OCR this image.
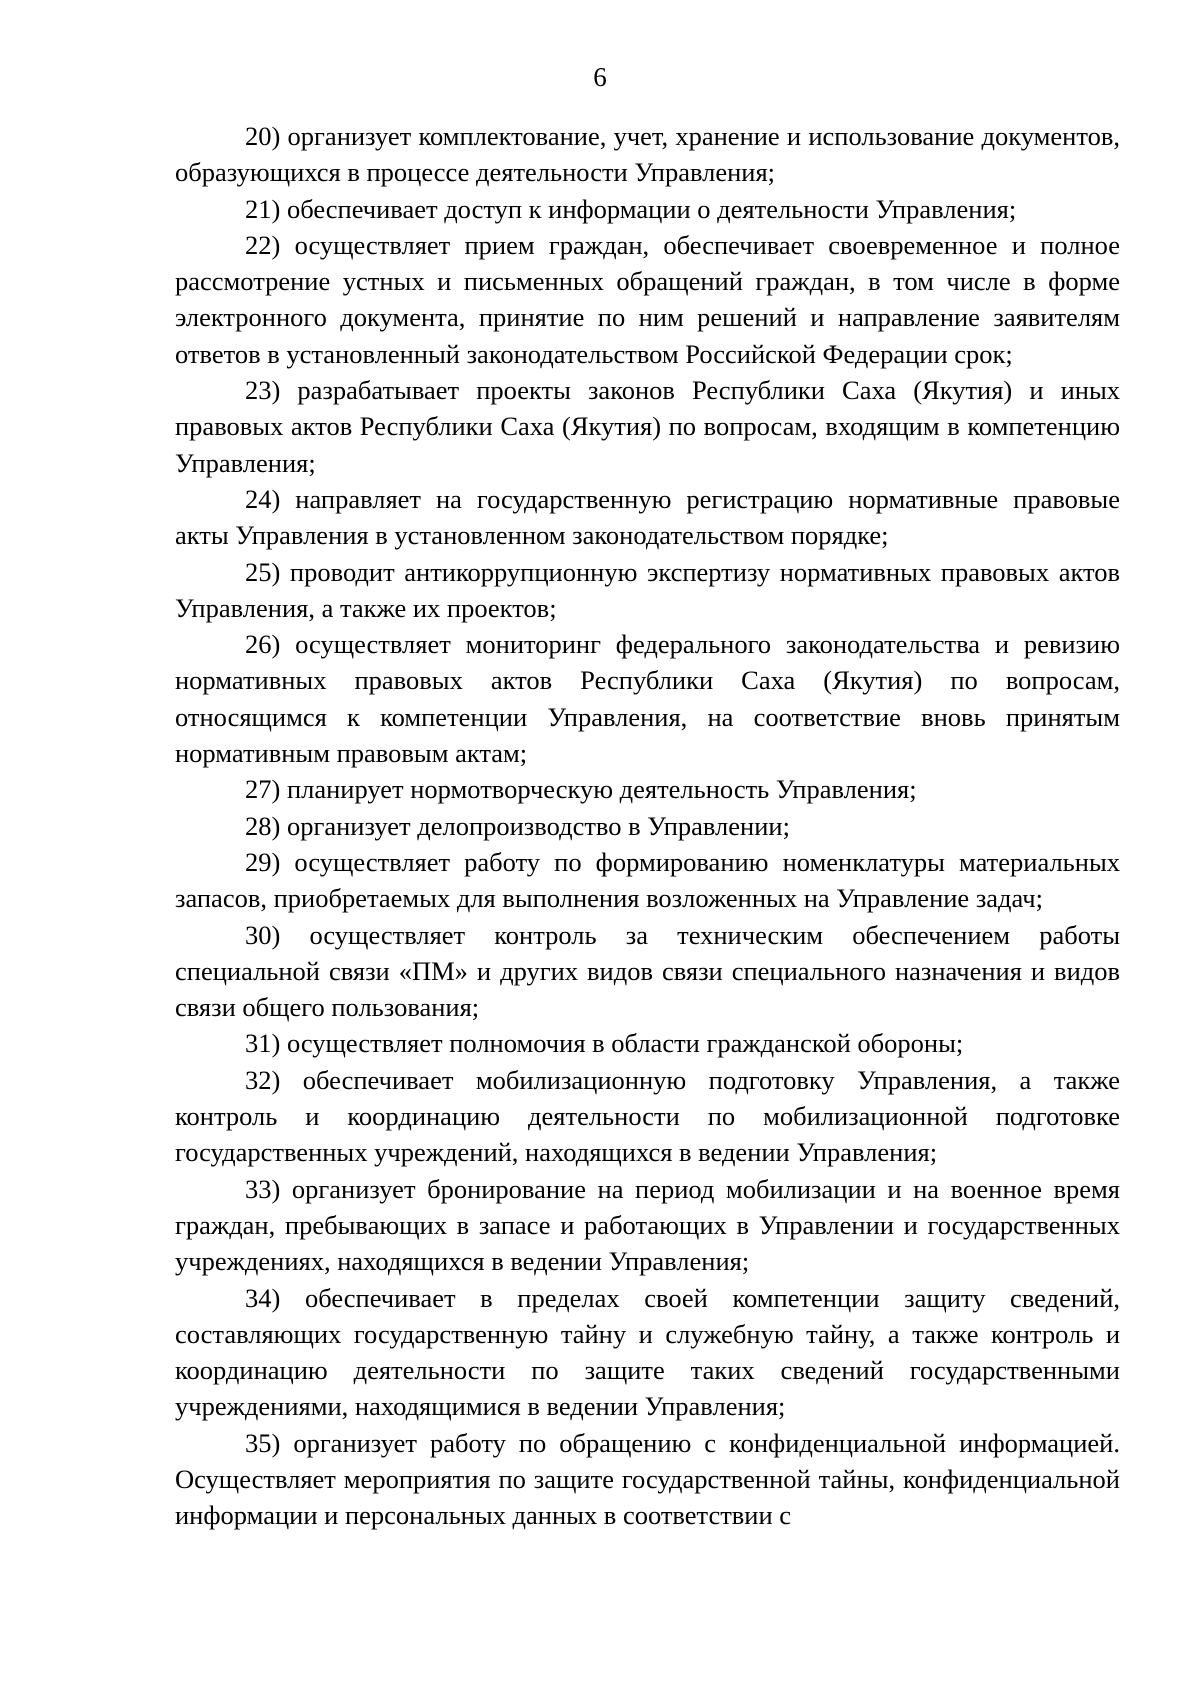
6

20) организует комплектование, учет, хранение и использование документов, образующихся в процессе деятельности Управления;

21) обеспечивает доступ к информации о деятельности Управления;

22) осуществляет прием граждан, обеспечивает своевременное и полное рассмотрение устных и письменных обращений граждан, в том числе в форме электронного документа, принятие по ним решений и направление заявителям ответов в установленный законодательством Российской Федерации срок;

23) разрабатывает проекты законов Республики Саха (Якутия) и иных правовых актов Республики Саха (Якутия) по вопросам, входящим в компетенцию Управления;

24) направляет на государственную регистрацию нормативные правовые акты Управления в установленном законодательством порядке;

25) проводит антикоррупционную экспертизу нормативных правовых актов Управления, а также их проектов;

26) осуществляет мониторинг федерального законодательства и ревизию нормативных правовых актов Республики Саха (Якутия) по вопросам, относящимся к компетенции Управления, на соответствие вновь принятым нормативным правовым актам;

27) планирует нормотворческую деятельность Управления;

28) организует делопроизводство в Управлении;

29) осуществляет работу по формированию номенклатуры материальных запасов, приобретаемых для выполнения возложенных на Управление задач;

30) осуществляет контроль за техническим обеспечением работы специальной связи «ПМ» и других видов связи специального назначения и видов связи общего пользования;

31) осуществляет полномочия в области гражданской обороны;

32) обеспечивает мобилизационную подготовку Управления, а также контроль и координацию деятельности по мобилизационной подготовке государственных учреждений, находящихся в ведении Управления;

33) организует бронирование на период мобилизации и на военное время граждан, пребывающих в запасе и работающих в Управлении и государственных учреждениях, находящихся в ведении Управления;

34) обеспечивает в пределах своей компетенции защиту сведений, составляющих государственную тайну и служебную тайну, а также контроль и координацию деятельности по защите таких сведений государственными учреждениями, находящимися в ведении Управления;

35) организует работу по обращению с конфиденциальной информацией. Осуществляет мероприятия по защите государственной тайны, конфиденциальной информации и персональных данных в соответствии с
